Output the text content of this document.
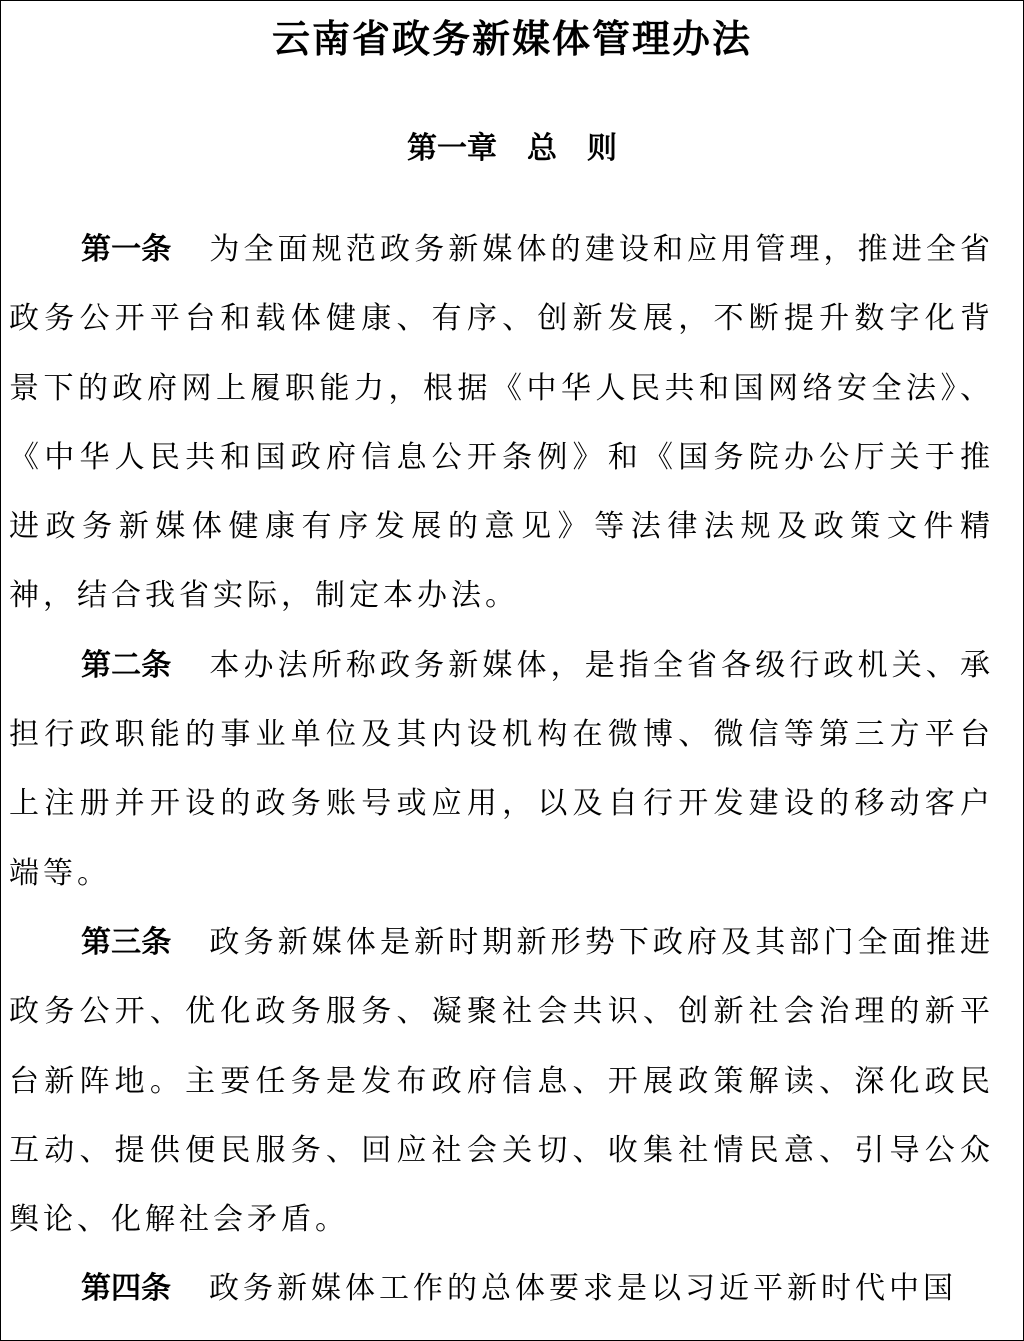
云南省政务新媒体管理办法
第一章　总　则

第一条 为全面规范政务新媒体的建设和应用管理，推进全省政务公开平台和载体健康、有序、创新发展，不断提升数字化背景下的政府网上履职能力，根据《中华人民共和国网络安全法》、《中华人民共和国政府信息公开条例》和《国务院办公厅关于推进政务新媒体健康有序发展的意见》等法律法规及政策文件精神，结合我省实际，制定本办法。

第二条 本办法所称政务新媒体，是指全省各级行政机关、承担行政职能的事业单位及其内设机构在微博、微信等第三方平台上注册并开设的政务账号或应用，以及自行开发建设的移动客户端等。

第三条 政务新媒体是新时期新形势下政府及其部门全面推进政务公开、优化政务服务、凝聚社会共识、创新社会治理的新平台新阵地。主要任务是发布政府信息、开展政策解读、深化政民互动、提供便民服务、回应社会关切、收集社情民意、引导公众舆论、化解社会矛盾。

第四条 政务新媒体工作的总体要求是以习近平新时代中国
